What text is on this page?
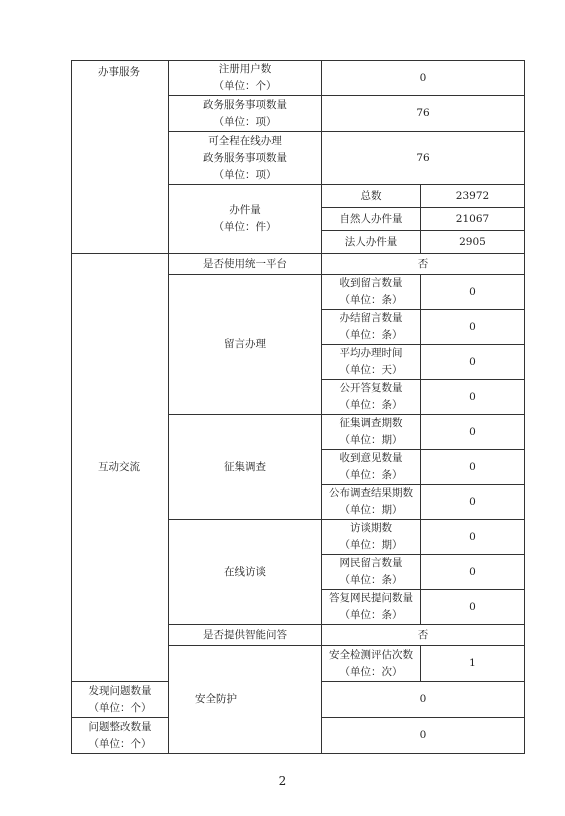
办事服务	注册用户数
（单位：个）	0	

	政务服务事项数量
（单位：项）	76	

	可全程在线办理
政务服务事项数量
（单位：项）	76	

	办件量
（单位：件）	总数	23972
		自然人办件量	21067
		法人办件量	2905
互动交流	是否使用统一平台	否	
	留言办理	收到留言数量
（单位：条）	0

		办结留言数量
（单位：条）	0

		平均办理时间
（单位：天）	0

		公开答复数量
（单位：条）	0
	征集调查	征集调查期数
（单位：期）	0

		收到意见数量
（单位：条）	0

		公布调查结果期数
（单位：期）	0
	在线访谈	访谈期数
（单位：期）	0

		网民留言数量
（单位：条）	0

		答复网民提问数量
（单位：条）	0
	是否提供智能问答	否	
	安全防护	安全检测评估次数
（单位：次）	1

发现问题数量
（单位：个）		0	

问题整改数量
（单位：个）		0	
2
